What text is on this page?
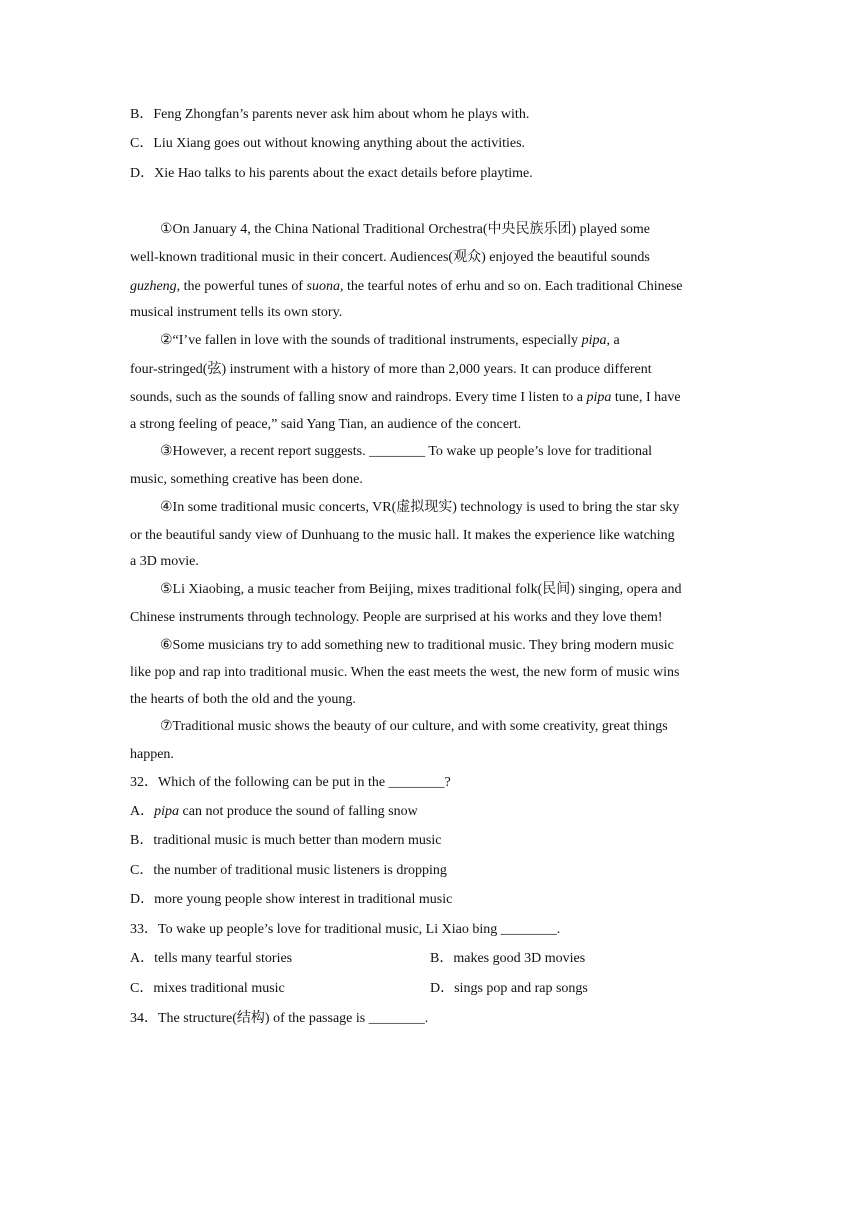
B．Feng Zhongfan’s parents never ask him about whom he plays with.
C．Liu Xiang goes out without knowing anything about the activities.
D．Xie Hao talks to his parents about the exact details before playtime.
①On January 4, the China National Traditional Orchestra(中央民族乐团) played some
well-known traditional music in their concert. Audiences(观众) enjoyed the beautiful sounds
guzheng, the powerful tunes of suona, the tearful notes of erhu and so on. Each traditional Chinese
musical instrument tells its own story.
②“I’ve fallen in love with the sounds of traditional instruments, especially pipa, a
four-stringed(弦) instrument with a history of more than 2,000 years. It can produce different
sounds, such as the sounds of falling snow and raindrops. Every time I listen to a pipa tune, I have
a strong feeling of peace,” said Yang Tian, an audience of the concert.
③However, a recent report suggests. ________ To wake up people’s love for traditional
music, something creative has been done.
④In some traditional music concerts, VR(虚拟现实) technology is used to bring the star sky
or the beautiful sandy view of Dunhuang to the music hall. It makes the experience like watching
a 3D movie.
⑤Li Xiaobing, a music teacher from Beijing, mixes traditional folk(民间) singing, opera and
Chinese instruments through technology. People are surprised at his works and they love them!
⑥Some musicians try to add something new to traditional music. They bring modern music
like pop and rap into traditional music. When the east meets the west, the new form of music wins
the hearts of both the old and the young.
⑦Traditional music shows the beauty of our culture, and with some creativity, great things
happen.
32．Which of the following can be put in the ________?
A．pipa can not produce the sound of falling snow
B．traditional music is much better than modern music
C．the number of traditional music listeners is dropping
D．more young people show interest in traditional music
33．To wake up people’s love for traditional music, Li Xiao bing ________.
A．tells many tearful stories	B．makes good 3D movies
C．mixes traditional music	D．sings pop and rap songs
34．The structure(结构) of the passage is ________.
